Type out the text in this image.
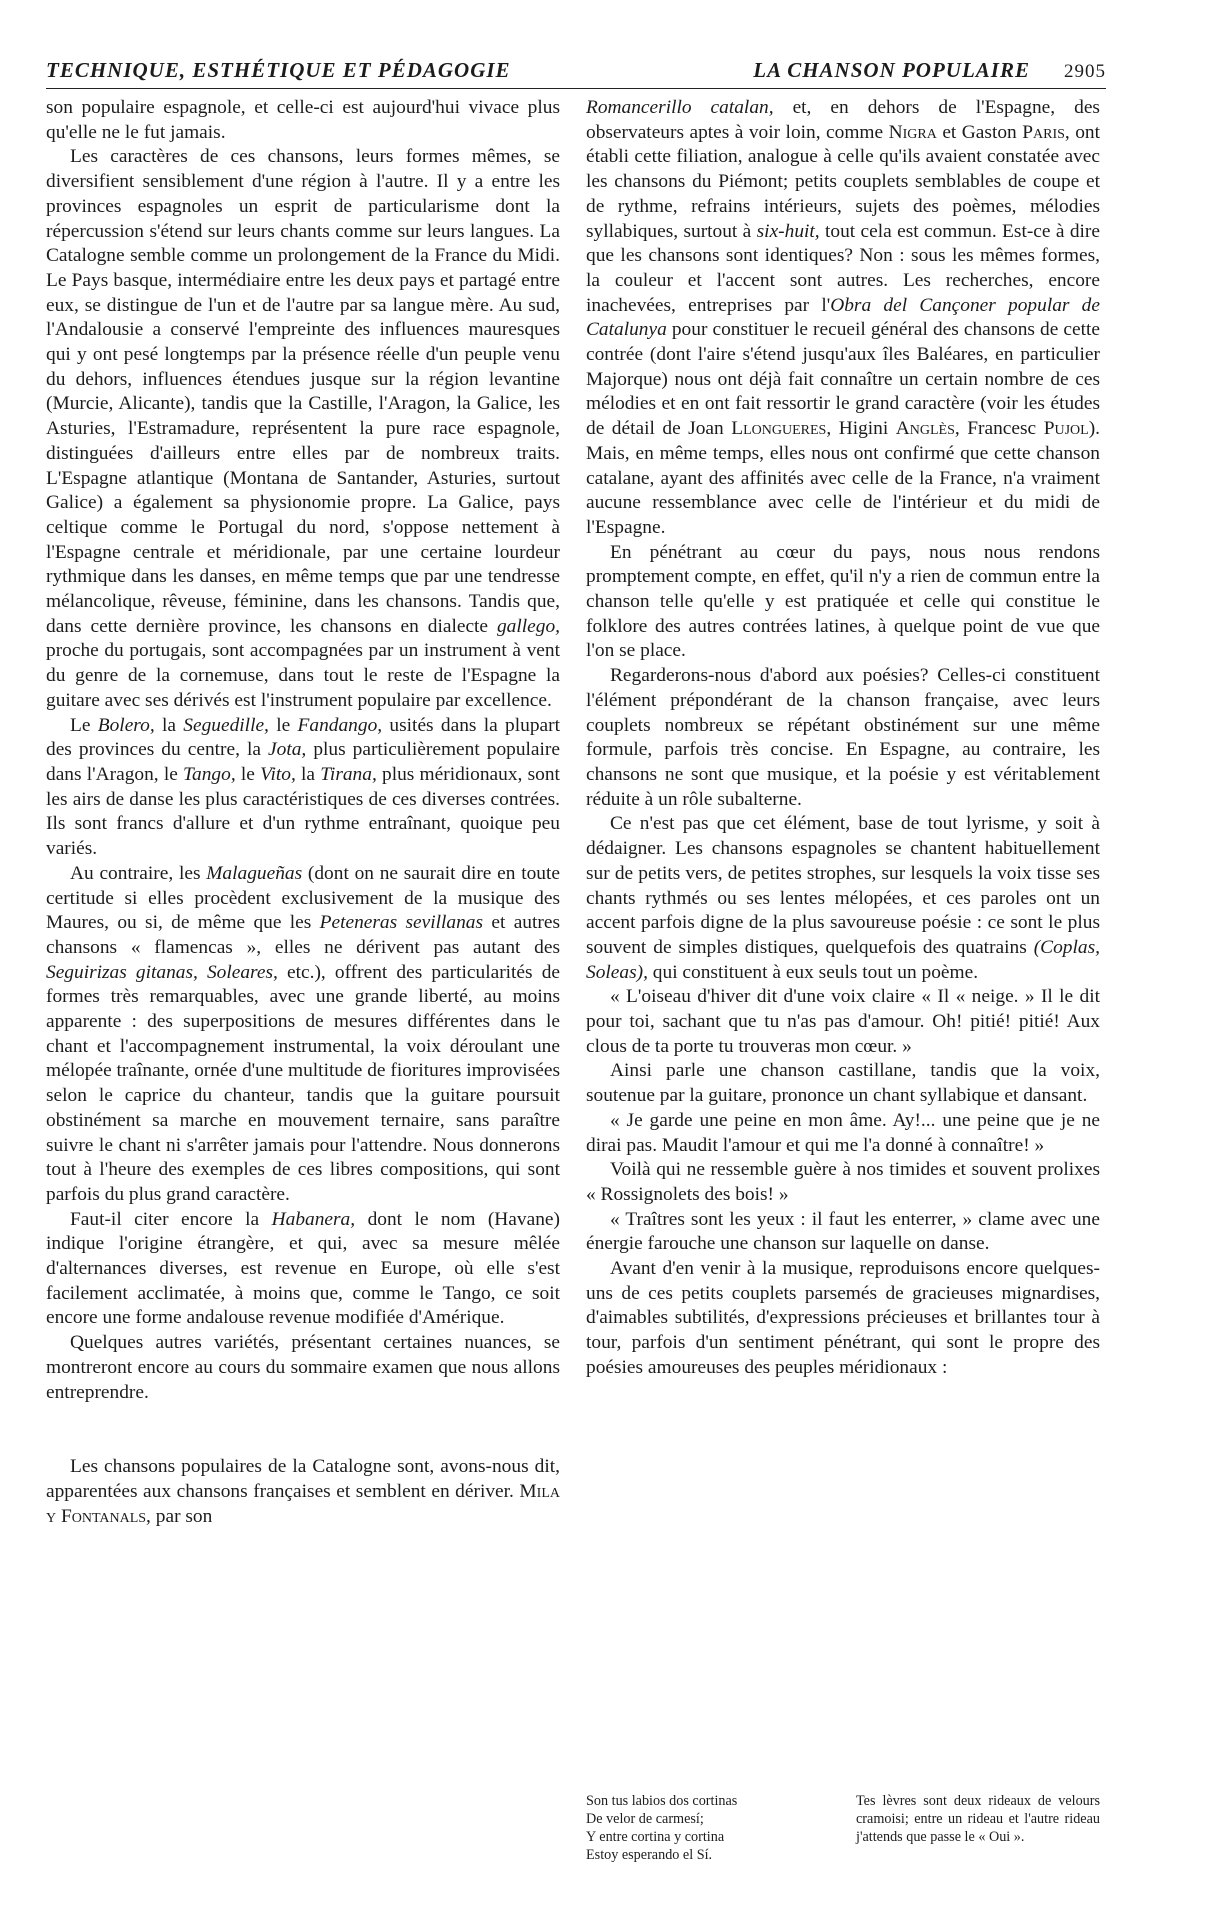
TECHNIQUE, ESTHÉTIQUE ET PÉDAGOGIE	LA CHANSON POPULAIRE 2905

son populaire espagnole, et celle-ci est aujourd'hui vivace plus qu'elle ne le fut jamais.

Les caractères de ces chansons, leurs formes mêmes, se diversifient sensiblement d'une région à l'autre. Il y a entre les provinces espagnoles un esprit de particularisme dont la répercussion s'étend sur leurs chants comme sur leurs langues. La Catalogne semble comme un prolongement de la France du Midi. Le Pays basque, intermédiaire entre les deux pays et partagé entre eux, se distingue de l'un et de l'autre par sa langue mère. Au sud, l'Andalousie a conservé l'empreinte des influences mauresques qui y ont pesé longtemps par la présence réelle d'un peuple venu du dehors, influences étendues jusque sur la région levantine (Murcie, Alicante), tandis que la Castille, l'Aragon, la Galice, les Asturies, l'Estramadure, représentent la pure race espagnole, distinguées d'ailleurs entre elles par de nombreux traits. L'Espagne atlantique (Montana de Santander, Asturies, surtout Galice) a également sa physionomie propre. La Galice, pays celtique comme le Portugal du nord, s'oppose nettement à l'Espagne centrale et méridionale, par une certaine lourdeur rythmique dans les danses, en même temps que par une tendresse mélancolique, rêveuse, féminine, dans les chansons. Tandis que, dans cette dernière province, les chansons en dialecte gallego, proche du portugais, sont accompagnées par un instrument à vent du genre de la cornemuse, dans tout le reste de l'Espagne la guitare avec ses dérivés est l'instrument populaire par excellence.

Le Bolero, la Seguedille, le Fandango, usités dans la plupart des provinces du centre, la Jota, plus particulièrement populaire dans l'Aragon, le Tango, le Vito, la Tirana, plus méridionaux, sont les airs de danse les plus caractéristiques de ces diverses contrées. Ils sont francs d'allure et d'un rythme entraînant, quoique peu variés.

Au contraire, les Malagueñas (dont on ne saurait dire en toute certitude si elles procèdent exclusivement de la musique des Maures, ou si, de même que les Peteneras sevillanas et autres chansons « flamencas », elles ne dérivent pas autant des Seguirizas gitanas, Soleares, etc.), offrent des particularités de formes très remarquables, avec une grande liberté, au moins apparente : des superpositions de mesures différentes dans le chant et l'accompagnement instrumental, la voix déroulant une mélopée traînante, ornée d'une multitude de fioritures improvisées selon le caprice du chanteur, tandis que la guitare poursuit obstinément sa marche en mouvement ternaire, sans paraître suivre le chant ni s'arrêter jamais pour l'attendre. Nous donnerons tout à l'heure des exemples de ces libres compositions, qui sont parfois du plus grand caractère.

Faut-il citer encore la Habanera, dont le nom (Havane) indique l'origine étrangère, et qui, avec sa mesure mêlée d'alternances diverses, est revenue en Europe, où elle s'est facilement acclimatée, à moins que, comme le Tango, ce soit encore une forme andalouse revenue modifiée d'Amérique.

Quelques autres variétés, présentant certaines nuances, se montreront encore au cours du sommaire examen que nous allons entreprendre.

Les chansons populaires de la Catalogne sont, avons-nous dit, apparentées aux chansons françaises et semblent en dériver. Mila y Fontanals, par son

Romancerillo catalan, et, en dehors de l'Espagne, des observateurs aptes à voir loin, comme Nigra et Gaston Paris, ont établi cette filiation, analogue à celle qu'ils avaient constatée avec les chansons du Piémont; petits couplets semblables de coupe et de rythme, refrains intérieurs, sujets des poèmes, mélodies syllabiques, surtout à six-huit, tout cela est commun. Est-ce à dire que les chansons sont identiques? Non : sous les mêmes formes, la couleur et l'accent sont autres. Les recherches, encore inachevées, entreprises par l'Obra del Cançoner popular de Catalunya pour constituer le recueil général des chansons de cette contrée (dont l'aire s'étend jusqu'aux îles Baléares, en particulier Majorque) nous ont déjà fait connaître un certain nombre de ces mélodies et en ont fait ressortir le grand caractère (voir les études de détail de Joan Llongueres, Higini Anglès, Francesc Pujol). Mais, en même temps, elles nous ont confirmé que cette chanson catalane, ayant des affinités avec celle de la France, n'a vraiment aucune ressemblance avec celle de l'intérieur et du midi de l'Espagne.

En pénétrant au cœur du pays, nous nous rendons promptement compte, en effet, qu'il n'y a rien de commun entre la chanson telle qu'elle y est pratiquée et celle qui constitue le folklore des autres contrées latines, à quelque point de vue que l'on se place.

Regarderons-nous d'abord aux poésies? Celles-ci constituent l'élément prépondérant de la chanson française, avec leurs couplets nombreux se répétant obstinément sur une même formule, parfois très concise. En Espagne, au contraire, les chansons ne sont que musique, et la poésie y est véritablement réduite à un rôle subalterne.

Ce n'est pas que cet élément, base de tout lyrisme, y soit à dédaigner. Les chansons espagnoles se chantent habituellement sur de petits vers, de petites strophes, sur lesquels la voix tisse ses chants rythmés ou ses lentes mélopées, et ces paroles ont un accent parfois digne de la plus savoureuse poésie : ce sont le plus souvent de simples distiques, quelquefois des quatrains (Coplas, Soleas), qui constituent à eux seuls tout un poème.

« L'oiseau d'hiver dit d'une voix claire « Il « neige. » Il le dit pour toi, sachant que tu n'as pas d'amour. Oh! pitié! pitié! Aux clous de ta porte tu trouveras mon cœur. »

Ainsi parle une chanson castillane, tandis que la voix, soutenue par la guitare, prononce un chant syllabique et dansant.

« Je garde une peine en mon âme. Ay!... une peine que je ne dirai pas. Maudit l'amour et qui me l'a donné à connaître! »

Voilà qui ne ressemble guère à nos timides et souvent prolixes « Rossignolets des bois! »

« Traîtres sont les yeux : il faut les enterrer, » clame avec une énergie farouche une chanson sur laquelle on danse.

Avant d'en venir à la musique, reproduisons encore quelques-uns de ces petits couplets parsemés de gracieuses mignardises, d'aimables subtilités, d'expressions précieuses et brillantes tour à tour, parfois d'un sentiment pénétrant, qui sont le propre des poésies amoureuses des peuples méridionaux :

Son tus labios dos cortinas
De velor de carmesí;
Y entre cortina y cortina
Estoy esperando el Sí.
Tes lèvres sont deux rideaux de velours cramoisi; entre un rideau et l'autre rideau j'attends que passe le « Oui ».
